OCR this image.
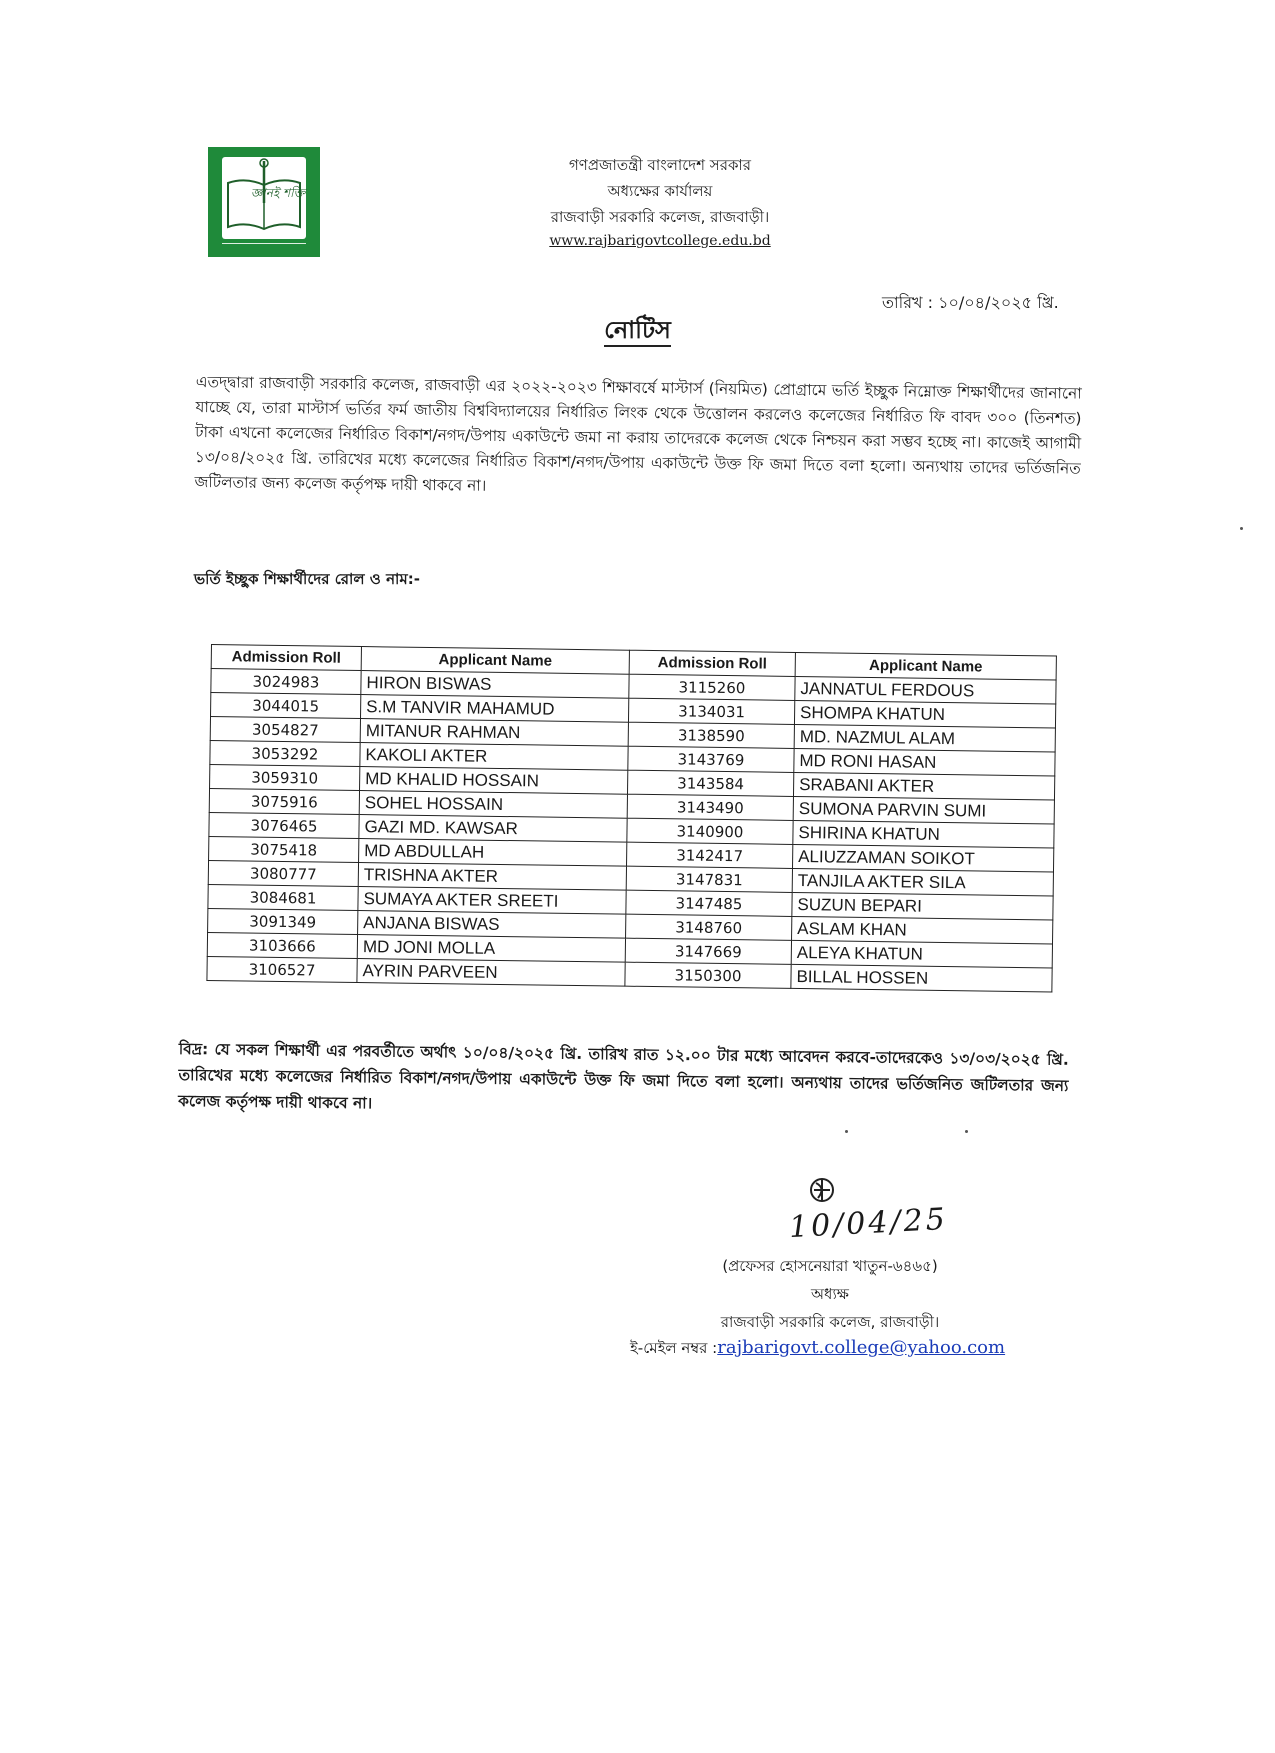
জ্ঞানই শক্তি
গণপ্রজাতন্ত্রী বাংলাদেশ সরকার
অধ্যক্ষের কার্যালয়
রাজবাড়ী সরকারি কলেজ, রাজবাড়ী।
www.rajbarigovtcollege.edu.bd
তারিখ : ১০/০৪/২০২৫ খ্রি.
নোটিস
এতদ্দ্বারা রাজবাড়ী সরকারি কলেজ, রাজবাড়ী এর ২০২২-২০২৩ শিক্ষাবর্ষে মাস্টার্স (নিয়মিত) প্রোগ্রামে ভর্তি ইচ্ছুক নিম্নোক্ত শিক্ষার্থীদের জানানো যাচ্ছে যে, তারা মাস্টার্স ভর্তির ফর্ম জাতীয় বিশ্ববিদ্যালয়ের নির্ধারিত লিংক থেকে উত্তোলন করলেও কলেজের নির্ধারিত ফি বাবদ ৩০০ (তিনশত) টাকা এখনো কলেজের নির্ধারিত বিকাশ/নগদ/উপায় একাউন্টে জমা না করায় তাদেরকে কলেজ থেকে নিশ্চয়ন করা সম্ভব হচ্ছে না। কাজেই আগামী ১৩/০৪/২০২৫ খ্রি. তারিখের মধ্যে কলেজের নির্ধারিত বিকাশ/নগদ/উপায় একাউন্টে উক্ত ফি জমা দিতে বলা হলো। অন্যথায় তাদের ভর্তিজনিত জটিলতার জন্য কলেজ কর্তৃপক্ষ দায়ী থাকবে না।
ভর্তি ইচ্ছুক শিক্ষার্থীদের রোল ও নাম:-
Admission Roll	Applicant Name	Admission Roll	Applicant Name
3024983	HIRON BISWAS	3115260	JANNATUL FERDOUS
3044015	S.M TANVIR MAHAMUD	3134031	SHOMPA KHATUN
3054827	MITANUR RAHMAN	3138590	MD. NAZMUL ALAM
3053292	KAKOLI AKTER	3143769	MD RONI HASAN
3059310	MD KHALID HOSSAIN	3143584	SRABANI AKTER
3075916	SOHEL HOSSAIN	3143490	SUMONA PARVIN SUMI
3076465	GAZI MD. KAWSAR	3140900	SHIRINA KHATUN
3075418	MD ABDULLAH	3142417	ALIUZZAMAN SOIKOT
3080777	TRISHNA AKTER	3147831	TANJILA AKTER SILA
3084681	SUMAYA AKTER SREETI	3147485	SUZUN BEPARI
3091349	ANJANA BISWAS	3148760	ASLAM KHAN
3103666	MD JONI MOLLA	3147669	ALEYA KHATUN
3106527	AYRIN PARVEEN	3150300	BILLAL HOSSEN
বিদ্র: যে সকল শিক্ষার্থী এর পরবর্তীতে অর্থাৎ ১০/০৪/২০২৫ খ্রি. তারিখ রাত ১২.০০ টার মধ্যে আবেদন করবে-তাদেরকেও ১৩/০৩/২০২৫ খ্রি. তারিখের মধ্যে কলেজের নির্ধারিত বিকাশ/নগদ/উপায় একাউন্টে উক্ত ফি জমা দিতে বলা হলো। অন্যথায় তাদের ভর্তিজনিত জটিলতার জন্য কলেজ কর্তৃপক্ষ দায়ী থাকবে না।
10/04/25
(প্রফেসর হোসনেয়ারা খাতুন-৬৪৬৫)
অধ্যক্ষ
রাজবাড়ী সরকারি কলেজ, রাজবাড়ী।
ই-মেইল নম্বর :rajbarigovt.college@yahoo.com
